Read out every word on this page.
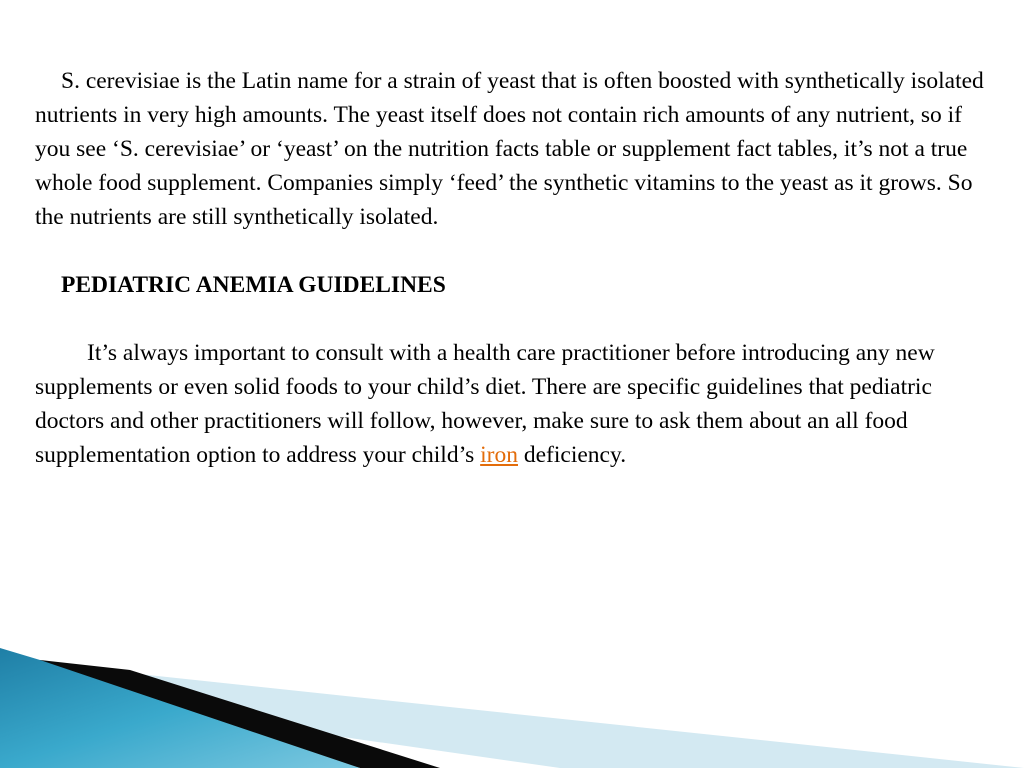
S. cerevisiae is the Latin name for a strain of yeast that is often boosted with synthetically isolated nutrients in very high amounts. The yeast itself does not contain rich amounts of any nutrient, so if you see ‘S. cerevisiae’ or ‘yeast’ on the nutrition facts table or supplement fact tables, it’s not a true whole food supplement. Companies simply ‘feed’ the synthetic vitamins to the yeast as it grows. So the nutrients are still synthetically isolated.

PEDIATRIC ANEMIA GUIDELINES

It’s always important to consult with a health care practitioner before introducing any new supplements or even solid foods to your child’s diet. There are specific guidelines that pediatric doctors and other practitioners will follow, however, make sure to ask them about an all food supplementation option to address your child’s iron deficiency.
